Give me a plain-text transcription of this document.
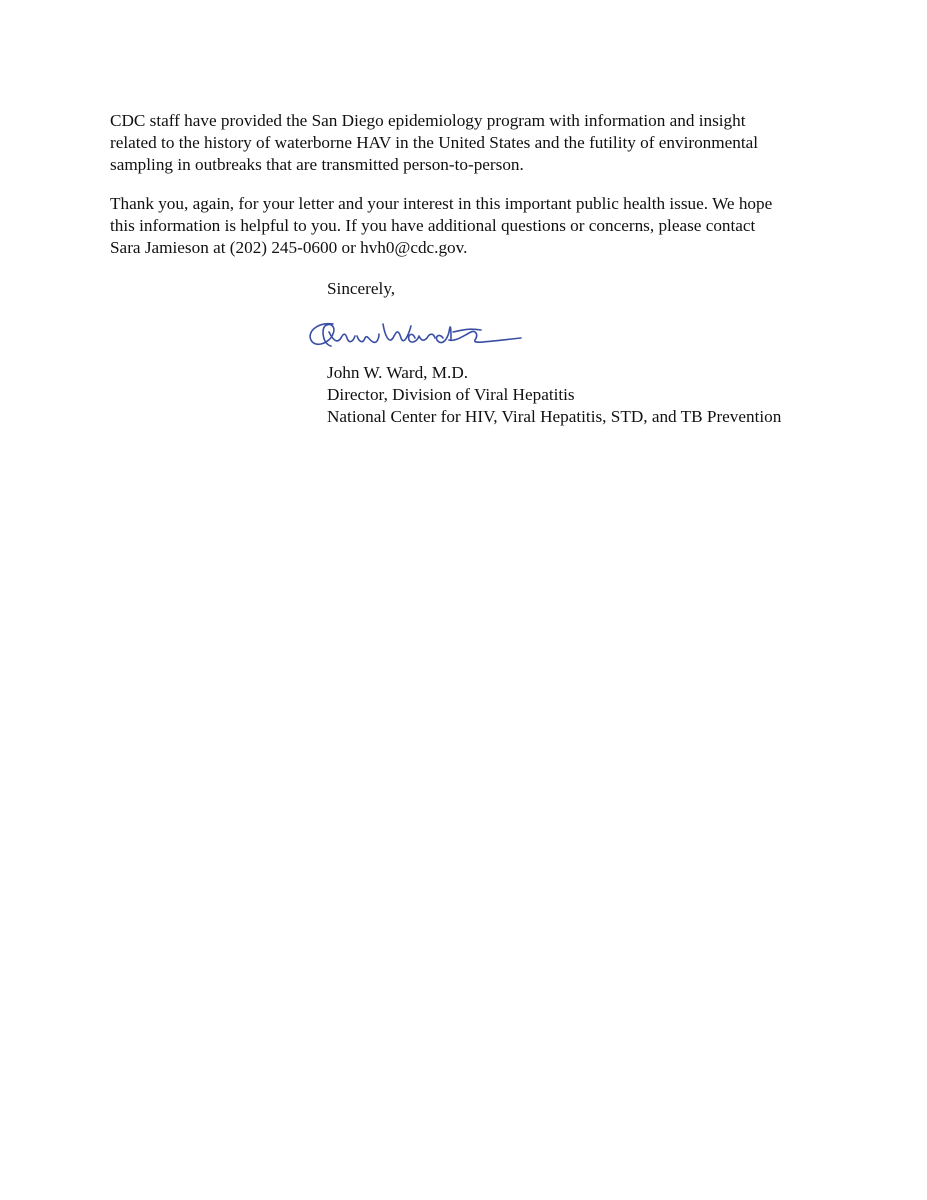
CDC staff have provided the San Diego epidemiology program with information and insight
related to the history of waterborne HAV in the United States and the futility of environmental
sampling in outbreaks that are transmitted person-to-person.

Thank you, again, for your letter and your interest in this important public health issue. We hope
this information is helpful to you. If you have additional questions or concerns, please contact
Sara Jamieson at (202) 245-0600 or hvh0@cdc.gov.

Sincerely,
John W. Ward, M.D.
Director, Division of Viral Hepatitis
National Center for HIV, Viral Hepatitis, STD, and TB Prevention
